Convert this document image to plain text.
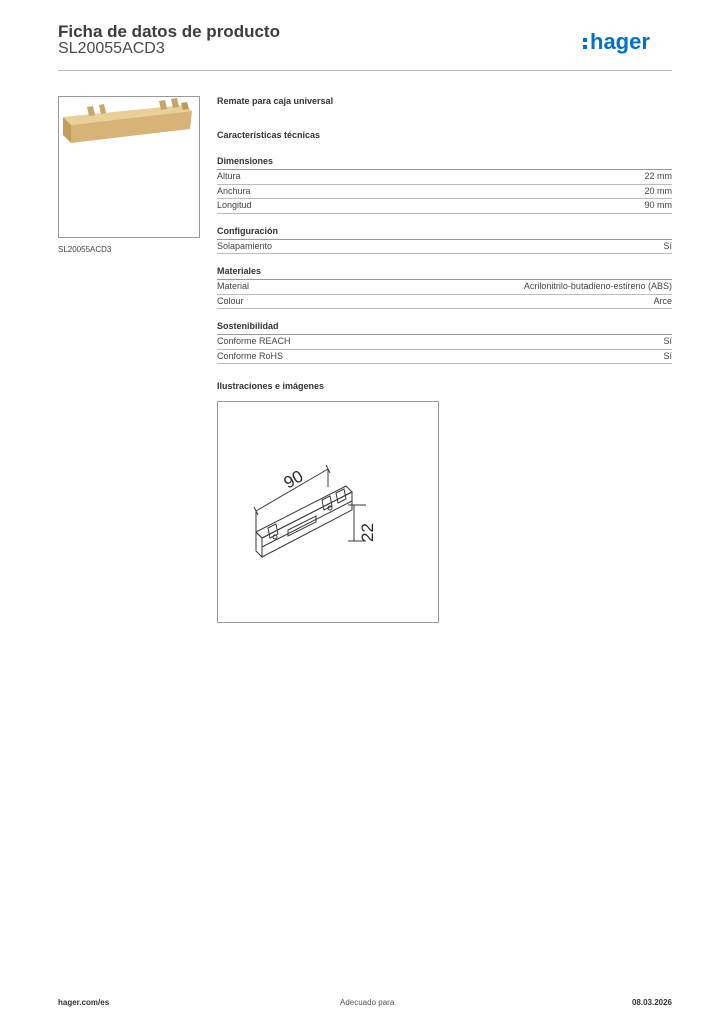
Ficha de datos de producto
SL20055ACD3	hager
SL20055ACD3
Remate para caja universal
Características técnicas
Dimensiones
Altura	22 mm
Anchura	20 mm
Longitud	90 mm
Configuración
Solapamiento	Sí
Materiales
Material	Acrilonitrilo-butadieno-estireno (ABS)
Colour	Arce
Sostenibilidad
Conforme REACH	Sí
Conforme RoHS	Sí
Ilustraciones e imágenes
90
22
hager.com/es	Adecuado para	08.03.2026
